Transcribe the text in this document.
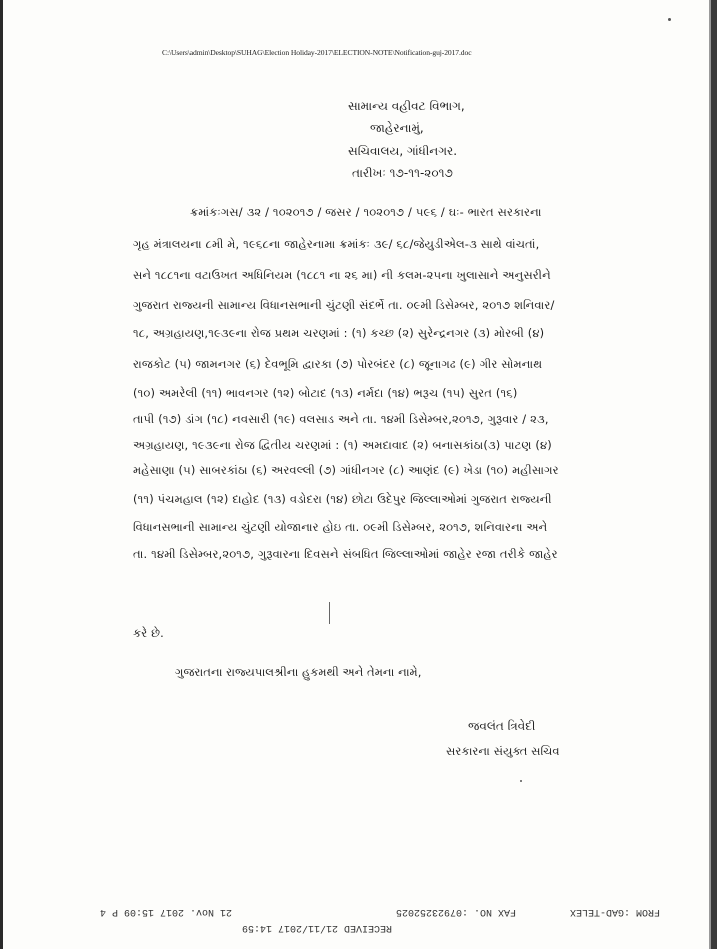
C:\Users\admin\Desktop\SUHAG\Election Holiday-2017\ELECTION-NOTE\Notification-guj-2017.doc
સામાન્ય વહીવટ વિભાગ,
જાહેરનામું,
સચિવાલય, ગાંધીનગર.
તારીખઃ ૧૭-૧૧-૨૦૧૭
ક્રમાંકઃગસ/ ૩૨ / ૧૦૨૦૧૭ / જસર / ૧૦૨૦૧૭ / ૫૯૬ / ઘઃ- ભારત સરકારના
ગૃહ મંત્રાલયના ૮મી મે, ૧૯૬૮ના જાહેરનામા ક્રમાંકઃ ૩૯/ ૬૮/જેયુડીએલ-૩ સાથે વાંચતાં,
સને ૧૮૮૧ના વટાઉખત અધિનિયમ (૧૮૮૧ ના ૨૬ મા) ની કલમ-૨૫ના ખુલાસાને અનુસરીને
ગુજરાત રાજ્યની સામાન્ય વિધાનસભાની ચુંટણી સંદર્ભે તા. ૦૯મી ડિસેમ્બર, ૨૦૧૭ શનિવાર/
૧૮, અગ્રહાયણ,૧૯૩૯ના રોજ પ્રથમ ચરણમાં : (૧) કચ્છ (૨) સુરેન્દ્રનગર (૩) મોરબી (૪)
રાજકોટ (૫) જામનગર (૬) દેવભૂમિ દ્વારકા (૭) પોરબંદર (૮) જૂનાગઢ (૯) ગીર સોમનાથ
(૧૦) અમરેલી (૧૧) ભાવનગર (૧૨) બોટાદ (૧૩) નર્મદા (૧૪) ભરૂચ (૧૫) સુરત (૧૬)
તાપી (૧૭) ડાંગ (૧૮) નવસારી (૧૯) વલસાડ અને તા. ૧૪મી ડિસેમ્બર,૨૦૧૭, ગુરૂવાર / ૨૩,
અગ્રહાયણ, ૧૯૩૯ના રોજ દ્વિતીય ચરણમાં : (૧) અમદાવાદ (૨) બનાસકાંઠા(૩) પાટણ (૪)
મહેસાણા (૫) સાબરકાંઠા (૬) અરવલ્લી (૭) ગાંધીનગર (૮) આણંદ (૯) ખેડા (૧૦) મહીસાગર
(૧૧) પંચમહાલ (૧૨) દાહોદ (૧૩) વડોદરા (૧૪) છોટા ઉદેપુર જિલ્લાઓમાં ગુજરાત રાજ્યની
વિધાનસભાની સામાન્ય ચુંટણી યોજાનાર હોઇ તા. ૦૯મી ડિસેમ્બર, ૨૦૧૭, શનિવારના અને
તા. ૧૪મી ડિસેમ્બર,૨૦૧૭, ગુરૂવારના દિવસને સંબધિત જિલ્લાઓમાં જાહેર રજા તરીકે જાહેર
કરે છે.
ગુજરાતના રાજ્યપાલશ્રીના હુકમથી અને તેમના નામે,
જવલંત ત્રિવેદી
સરકારના સંયુક્ત સચિવ
FROM :GAD-TELEX
FAX NO. :07923252025
21 Nov. 2017 15:09 P 4
RECEIVED 21/11/2017 14:59
